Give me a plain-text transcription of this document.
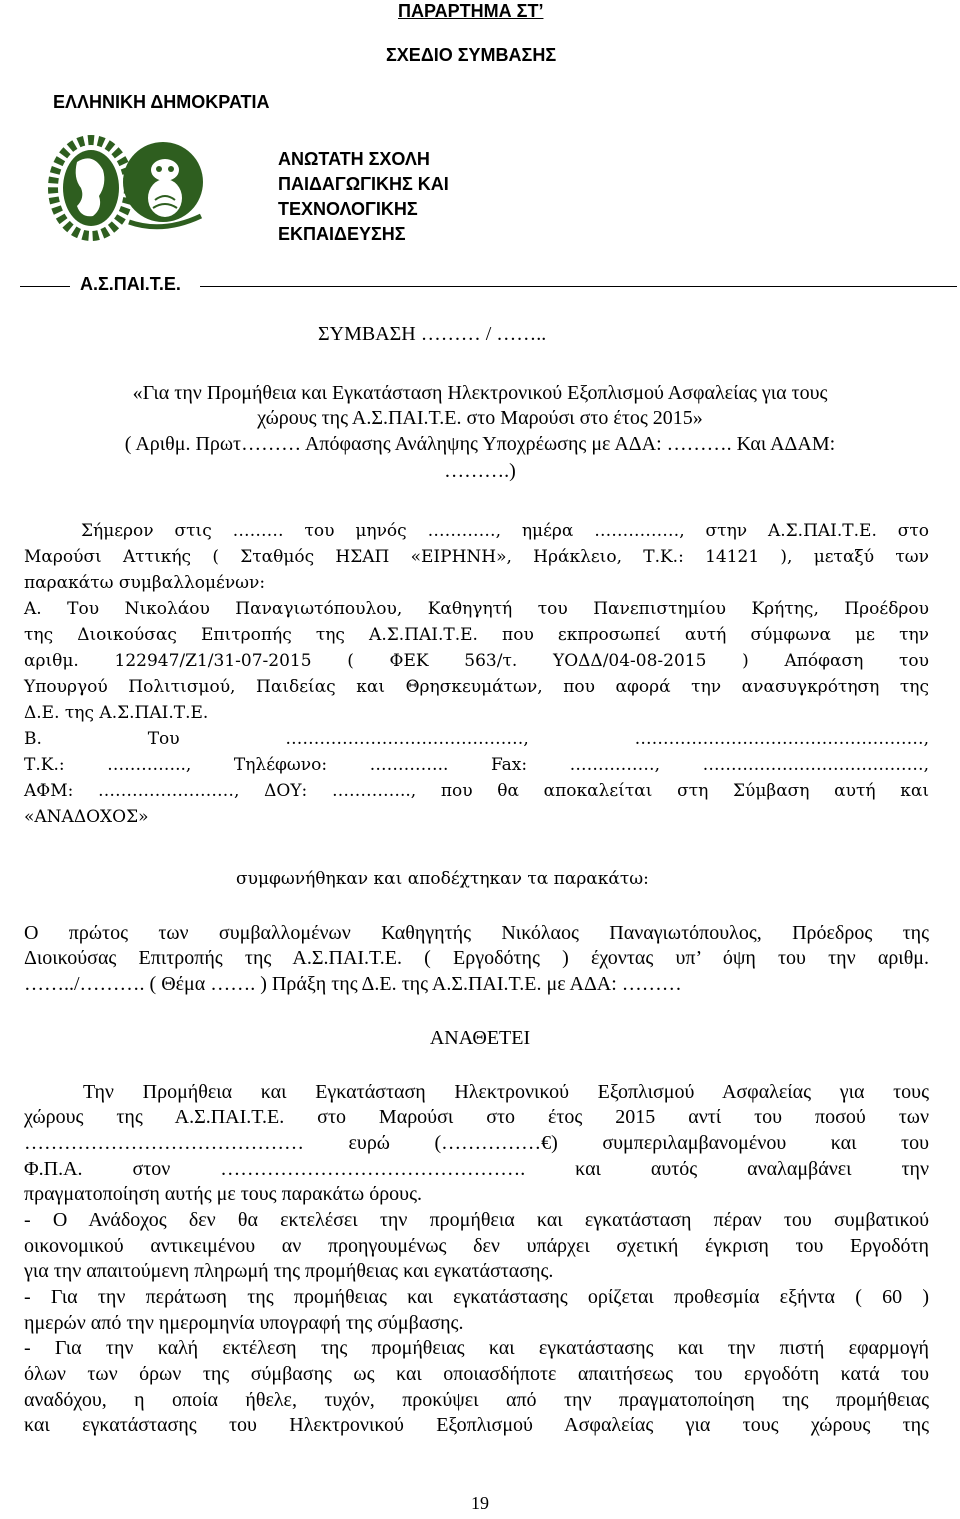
ΠΑΡΑΡΤΗΜΑ ΣΤ’
ΣΧΕΔΙΟ ΣΥΜΒΑΣΗΣ
ΕΛΛΗΝΙΚΗ ΔΗΜΟΚΡΑΤΙΑ
ΑΝΩΤΑΤΗ ΣΧΟΛΗ
ΠΑΙΔΑΓΩΓΙΚΗΣ ΚΑΙ
ΤΕΧΝΟΛΟΓΙΚΗΣ
ΕΚΠΑΙΔΕΥΣΗΣ
Α.Σ.ΠΑΙ.Τ.Ε.
ΣΥΜΒΑΣΗ ……… / ……..
«Για την Προμήθεια και Εγκατάσταση Ηλεκτρονικού Εξοπλισμού Ασφαλείας για τους
χώρους της Α.Σ.ΠΑΙ.Τ.Ε. στο Μαρούσι στο έτος 2015»
( Αριθμ. Πρωτ……… Απόφασης Ανάληψης Υποχρέωσης με ΑΔΑ: ………. Και ΑΔΑΜ:
……….)
Σήμερον στις ……… του μηνός …………, ημέρα ……………, στην Α.Σ.ΠΑΙ.Τ.Ε. στο
Μαρούσι Αττικής ( Σταθμός ΗΣΑΠ «ΕΙΡΗΝΗ», Ηράκλειο, Τ.Κ.: 14121 ), μεταξύ των
παρακάτω συμβαλλομένων:
Α. Του Νικολάου Παναγιωτόπουλου, Καθηγητή του Πανεπιστημίου Κρήτης, Προέδρου
της Διοικούσας Επιτροπής της Α.Σ.ΠΑΙ.Τ.Ε. που εκπροσωπεί αυτή σύμφωνα με την
αριθμ. 122947/Ζ1/31-07-2015 ( ΦΕΚ 563/τ. ΥΟΔΔ/04-08-2015 ) Απόφαση του
Υπουργού Πολιτισμού, Παιδείας και Θρησκευμάτων, που αφορά την ανασυγκρότηση της
Δ.Ε. της Α.Σ.ΠΑΙ.Τ.Ε.
Β. Του ……………………………………, ……………………………………………,
Τ.Κ.: ………….., Τηλέφωνο: ………….. Fax: ……………, …………………………………,
ΑΦΜ: ……………………, ΔΟΥ: ………….., που θα αποκαλείται στη Σύμβαση αυτή και
«ΑΝΑΔΟΧΟΣ»
συμφωνήθηκαν και αποδέχτηκαν τα παρακάτω:
Ο πρώτος των συμβαλλομένων Καθηγητής Νικόλαος Παναγιωτόπουλος, Πρόεδρος της
Διοικούσας Επιτροπής της Α.Σ.ΠΑΙ.Τ.Ε. ( Εργοδότης ) έχοντας υπ’ όψη του την αριθμ.
……../………. ( Θέμα ……. ) Πράξη της Δ.Ε. της Α.Σ.ΠΑΙ.Τ.Ε. με ΑΔΑ: ………
ΑΝΑΘΕΤΕΙ
Την Προμήθεια και Εγκατάσταση Ηλεκτρονικού Εξοπλισμού Ασφαλείας για τους
χώρους της Α.Σ.ΠΑΙ.Τ.Ε. στο Μαρούσι στο έτος 2015 αντί του ποσού των
…………………………………… ευρώ (……………€) συμπεριλαμβανομένου και του
Φ.Π.Α. στον ………………………………………. και αυτός αναλαμβάνει την
πραγματοποίηση αυτής με τους παρακάτω όρους.
- Ο Ανάδοχος δεν θα εκτελέσει την προμήθεια και εγκατάσταση πέραν του συμβατικού
οικονομικού αντικειμένου αν προηγουμένως δεν υπάρχει σχετική έγκριση του Εργοδότη
για την απαιτούμενη πληρωμή της προμήθειας και εγκατάστασης.
- Για την περάτωση της προμήθειας και εγκατάστασης ορίζεται προθεσμία εξήντα ( 60 )
ημερών από την ημερομηνία υπογραφή της σύμβασης.
- Για την καλή εκτέλεση της προμήθειας και εγκατάστασης και την πιστή εφαρμογή
όλων των όρων της σύμβασης ως και οποιασδήποτε απαιτήσεως του εργοδότη κατά του
αναδόχου, η οποία ήθελε, τυχόν, προκύψει από την πραγματοποίηση της προμήθειας
και εγκατάστασης του Ηλεκτρονικού Εξοπλισμού Ασφαλείας για τους χώρους της
19
